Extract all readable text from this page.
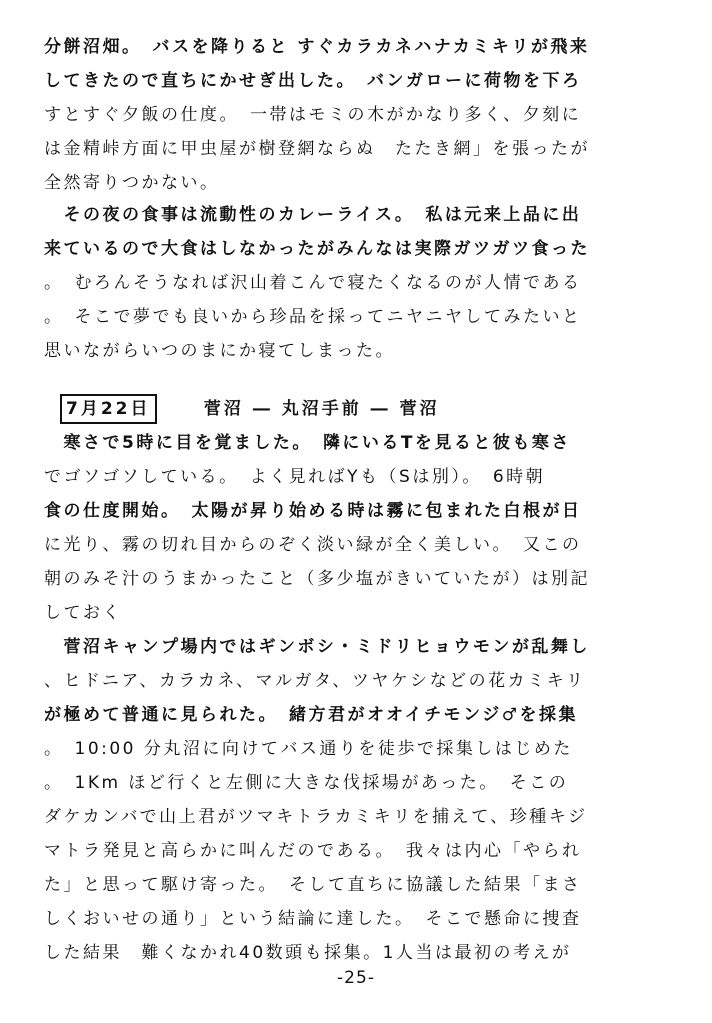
分餅沼畑。　バスを降りると すぐカラカネハナカミキリが飛来
してきたので直ちにかせぎ出した。　バンガローに荷物を下ろ
すとすぐ夕飯の仕度。　一帯はモミの木がかなり多く、夕刻に
は金精峠方面に甲虫屋が樹登網ならぬ　たたき網」を張ったが
全然寄りつかない。
　その夜の食事は流動性のカレーライス。　私は元来上品に出
来ているので大食はしなかったがみんなは実際ガツガツ食った
。　むろんそうなれば沢山着こんで寝たくなるのが人情である
。　そこで夢でも良いから珍品を採ってニヤニヤしてみたいと
思いながらいつのまにか寝てしまった。
7月22日	菅沼 ― 丸沼手前 ― 菅沼
　寒さで5時に目を覚ました。　隣にいるTを見ると彼も寒さ
でゴソゴソしている。　よく見ればYも（Sは別）。　6時朝
食の仕度開始。　太陽が昇り始める時は霧に包まれた白根が日
に光り、霧の切れ目からのぞく淡い緑が全く美しい。　又この
朝のみそ汁のうまかったこと（多少塩がきいていたが）は別記
しておく
　菅沼キャンプ場内ではギンボシ・ミドリヒョウモンが乱舞し
、ヒドニア、カラカネ、マルガタ、ツヤケシなどの花カミキリ
が極めて普通に見られた。　緒方君がオオイチモンジ♂を採集
。　10:00 分丸沼に向けてバス通りを徒歩で採集しはじめた
。　1Km ほど行くと左側に大きな伐採場があった。　そこの
ダケカンバで山上君がツマキトラカミキリを捕えて、珍種キジ
マトラ発見と高らかに叫んだのである。　我々は内心「やられ
た」と思って駆け寄った。　そして直ちに協議した結果「まさ
しくおいせの通り」という結論に達した。　そこで懸命に捜査
した結果　難くなかれ40数頭も採集。1人当は最初の考えが
-25-
